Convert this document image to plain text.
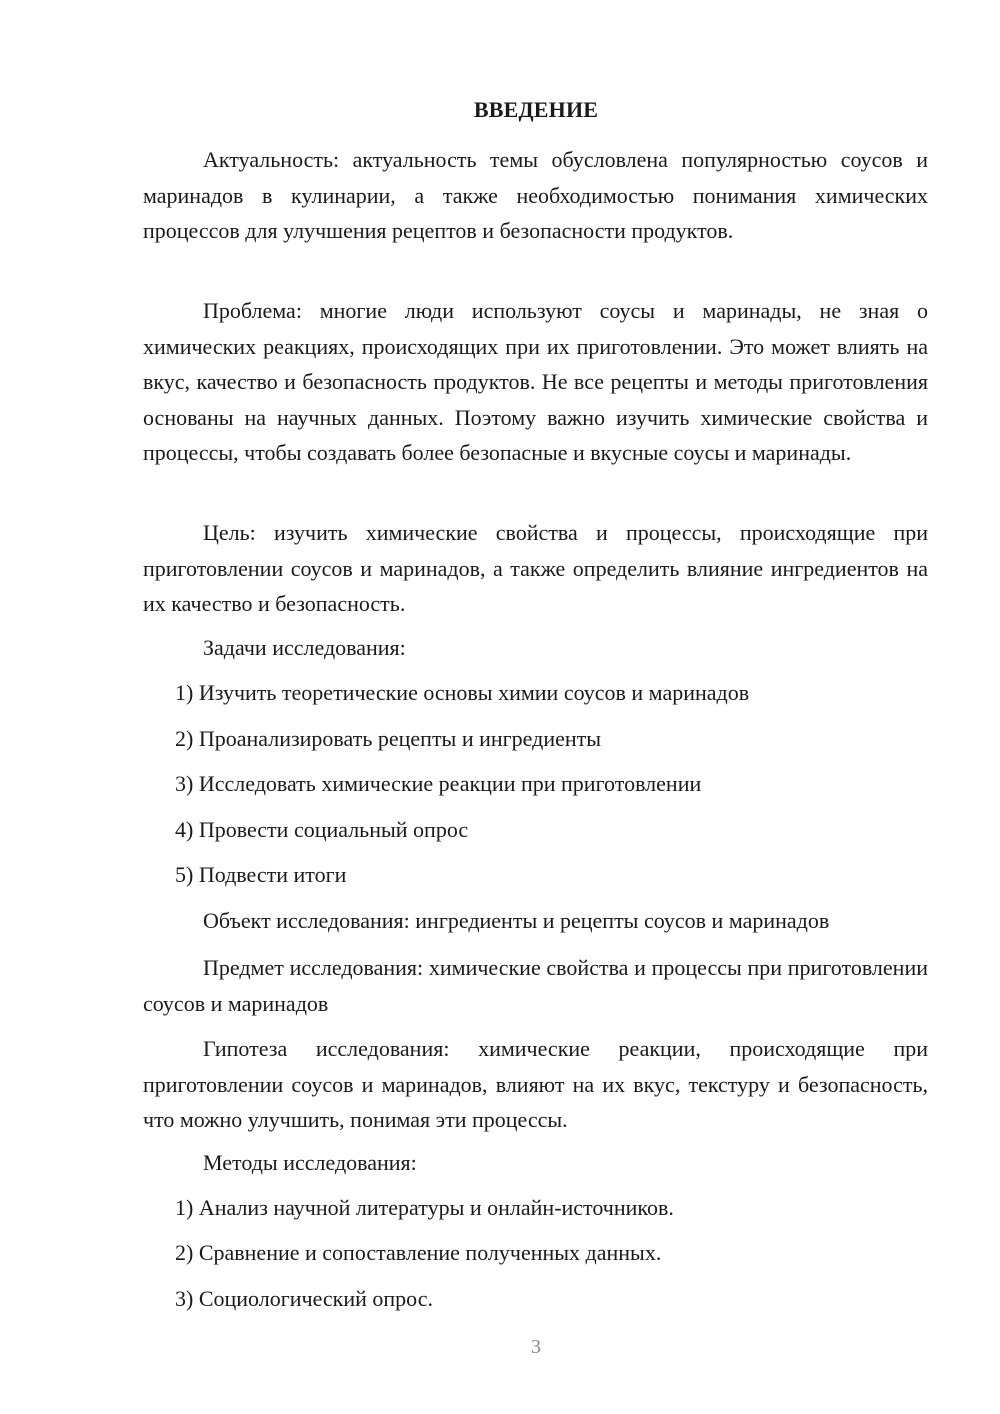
ВВЕДЕНИЕ

Актуальность: актуальность темы обусловлена популярностью соусов и маринадов в кулинарии, а также необходимостью понимания химических процессов для улучшения рецептов и безопасности продуктов.

Проблема: многие люди используют соусы и маринады, не зная о химических реакциях, происходящих при их приготовлении. Это может влиять на вкус, качество и безопасность продуктов. Не все рецепты и методы приготовления основаны на научных данных. Поэтому важно изучить химические свойства и процессы, чтобы создавать более безопасные и вкусные соусы и маринады.

Цель: изучить химические свойства и процессы, происходящие при приготовлении соусов и маринадов, а также определить влияние ингредиентов на их качество и безопасность.

Задачи исследования:
1) Изучить теоретические основы химии соусов и маринадов
2) Проанализировать рецепты и ингредиенты
3) Исследовать химические реакции при приготовлении
4) Провести социальный опрос
5) Подвести итоги
Объект исследования: ингредиенты и рецепты соусов и маринадов

Предмет исследования: химические свойства и процессы при приготовлении соусов и маринадов

Гипотеза исследования: химические реакции, происходящие при приготовлении соусов и маринадов, влияют на их вкус, текстуру и безопасность, что можно улучшить, понимая эти процессы.

Методы исследования:
1) Анализ научной литературы и онлайн-источников.
2) Сравнение и сопоставление полученных данных.
3) Социологический опрос.
3
